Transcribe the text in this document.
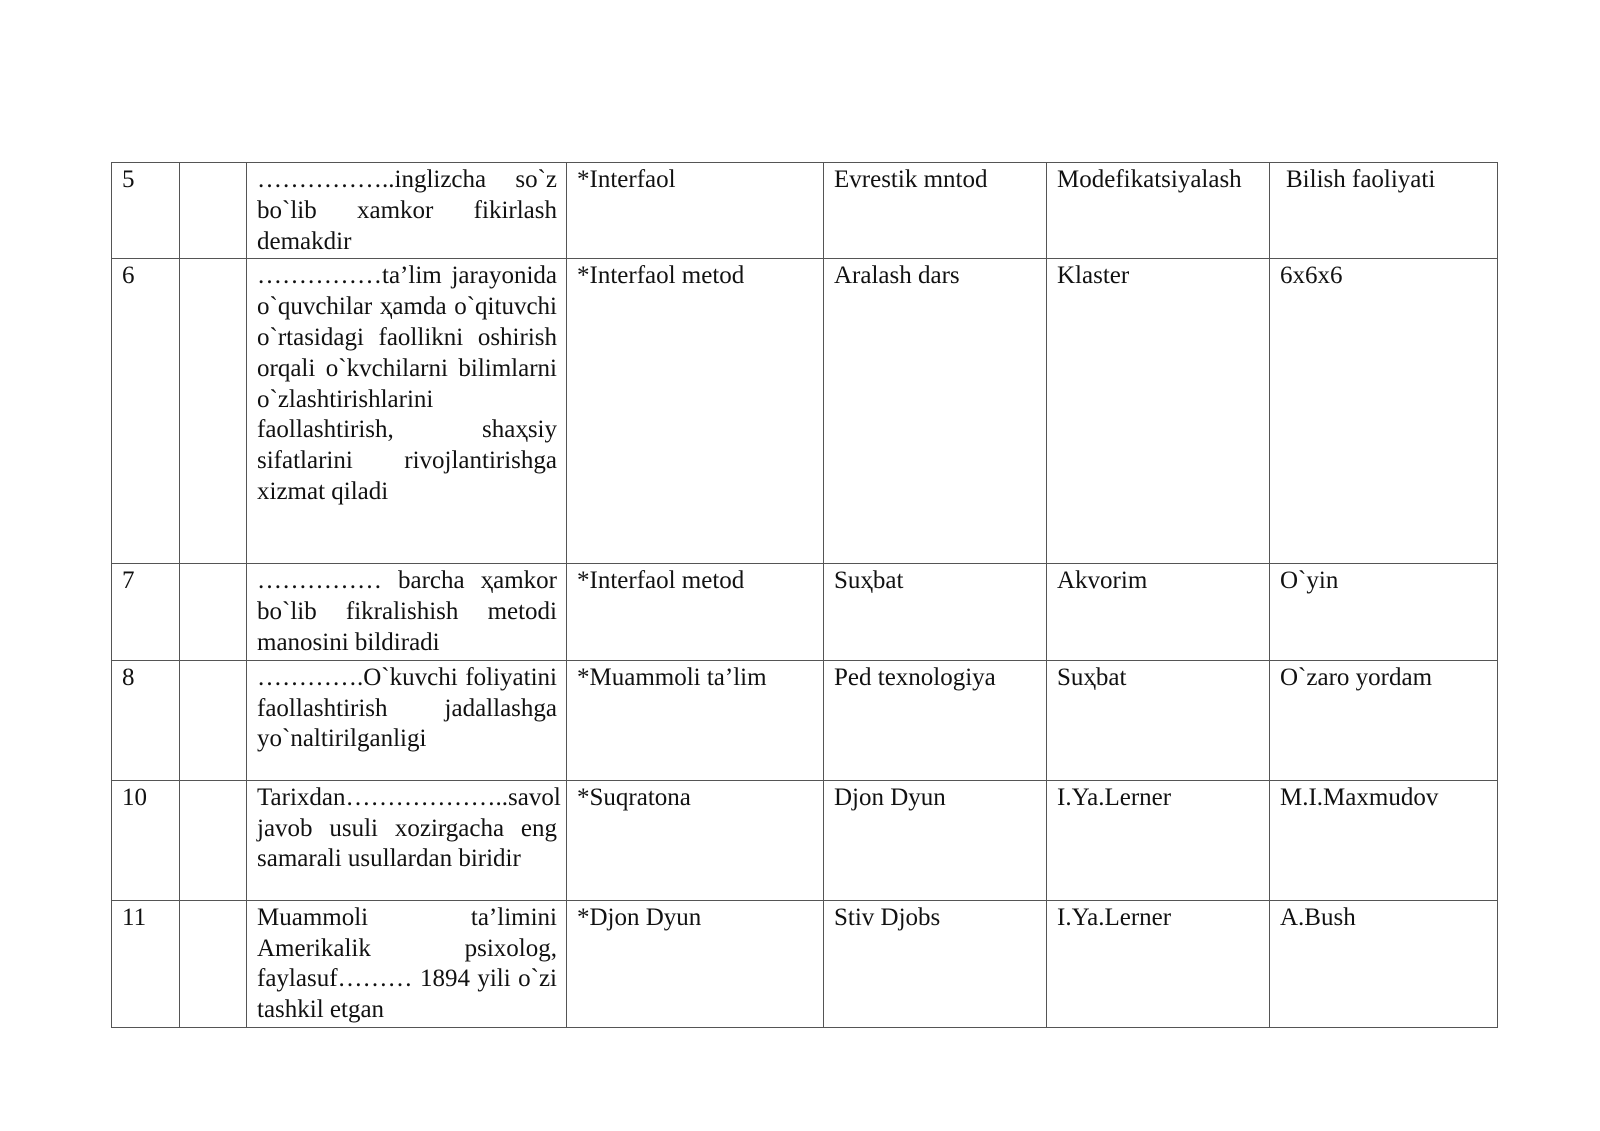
5		……………..inglizcha so`z bo`lib xamkor fikirlash demakdir	*Interfaol	Evrestik mntod	Modefikatsiyalash	Bilish faoliyati
6		……………ta’lim jarayonida o`quvchilar ҳamda o`qituvchi o`rtasidagi faollikni oshirish orqali o`kvchilarni bilimlarni o`zlashtirishlarini faollashtirish, shaҳsiy sifatlarini rivojlantirishga xizmat qiladi	*Interfaol metod	Aralash dars	Klaster	6x6x6
7		…………… barcha ҳamkor bo`lib fikralishish metodi manosini bildiradi	*Interfaol metod	Suҳbat	Akvorim	O`yin
8		………….O`kuvchi foliyatini faollashtirish jadallashga yo`naltirilganligi	*Muammoli ta’lim	Ped texnologiya	Suҳbat	O`zaro yordam
10		Tarixdan………………..savol javob usuli xozirgacha eng samarali usullardan biridir	*Suqratona	Djon Dyun	I.Ya.Lerner	M.I.Maxmudov
11		Muammoli ta’limini Amerikalik psixolog, faylasuf……… 1894 yili o`zi tashkil etgan	*Djon Dyun	Stiv Djobs	I.Ya.Lerner	A.Bush
